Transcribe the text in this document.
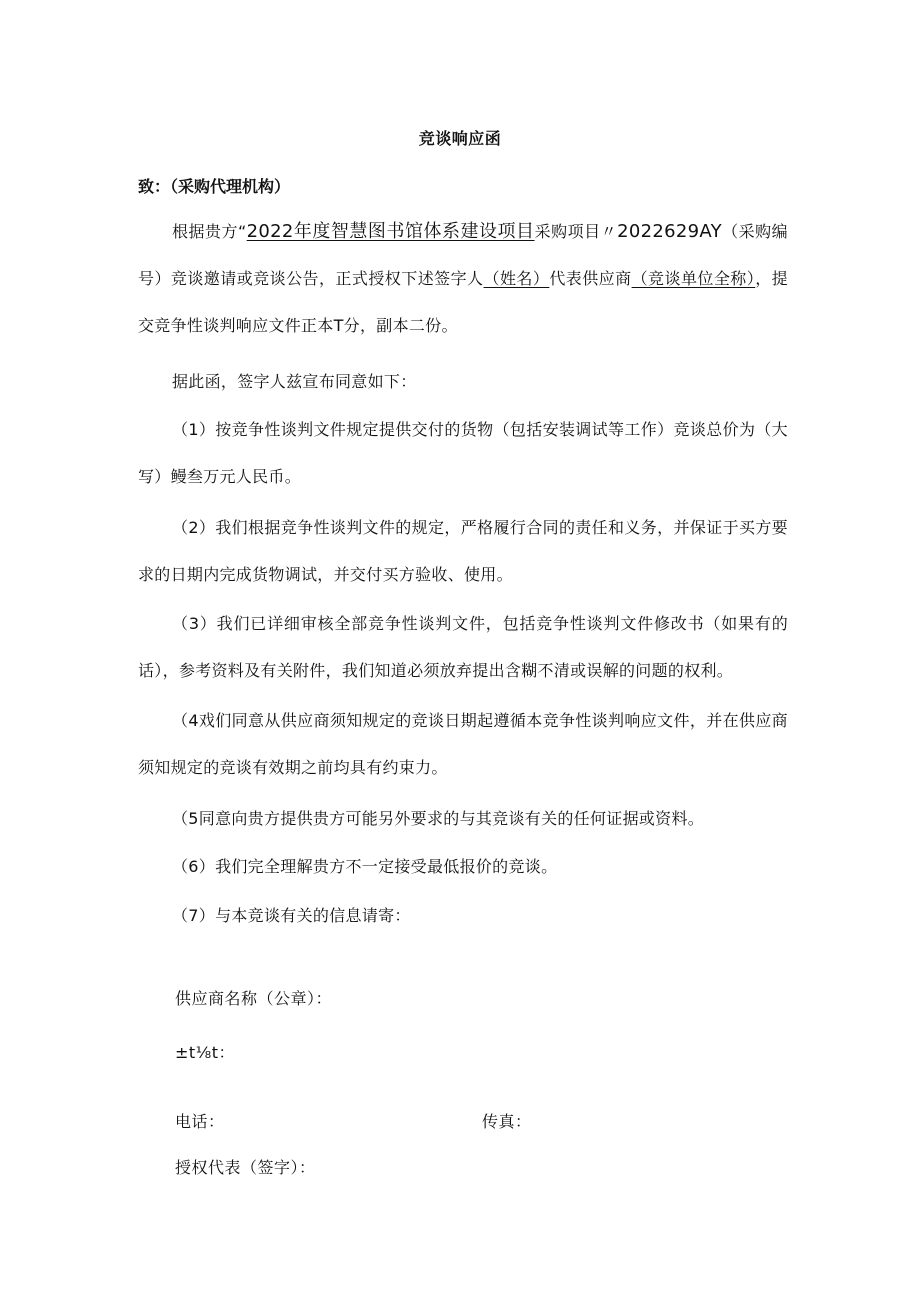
竞谈响应函
致：（采购代理机构）
根据贵方“2022年度智慧图书馆体系建设项目采购项目〃2022629AY（采购编号）竞谈邀请或竞谈公告，正式授权下述签字人（姓名）代表供应商（竞谈单位全称），提交竞争性谈判响应文件正本T分，副本二份。
据此函，签字人兹宣布同意如下：
（1）按竞争性谈判文件规定提供交付的货物（包括安装调试等工作）竞谈总价为（大写）鳗叁万元人民币。
（2）我们根据竞争性谈判文件的规定，严格履行合同的责任和义务，并保证于买方要求的日期内完成货物调试，并交付买方验收、使用。
（3）我们已详细审核全部竞争性谈判文件，包括竞争性谈判文件修改书（如果有的话），参考资料及有关附件，我们知道必须放弃提出含糊不清或误解的问题的权利。
（4戏们同意从供应商须知规定的竞谈日期起遵循本竞争性谈判响应文件，并在供应商须知规定的竞谈有效期之前均具有约束力。
（5同意向贵方提供贵方可能另外要求的与其竞谈有关的任何证据或资料。
（6）我们完全理解贵方不一定接受最低报价的竞谈。
（7）与本竞谈有关的信息请寄：
供应商名称（公章）：
±t⅛t：
电话：	传真：
授权代表（签字）：
